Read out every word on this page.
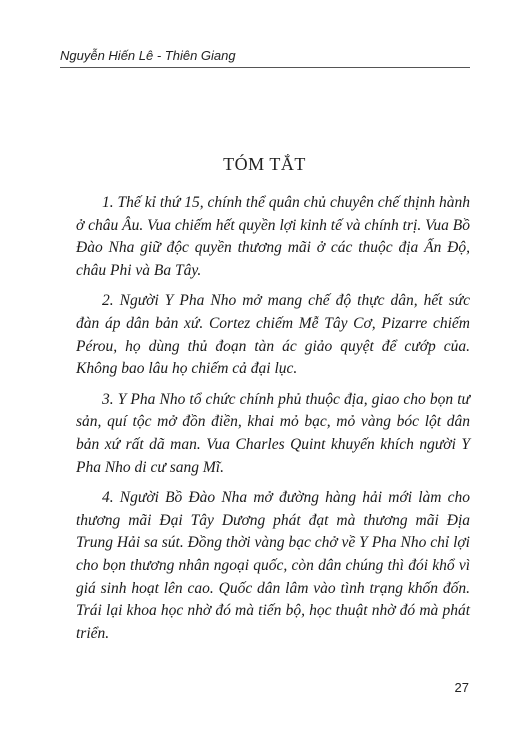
Nguyễn Hiến Lê - Thiên Giang
TÓM TẮT

1. Thế kỉ thứ 15, chính thể quân chủ chuyên chế thịnh hành ở châu Âu. Vua chiếm hết quyền lợi kinh tế và chính trị. Vua Bồ Đào Nha giữ độc quyền thương mãi ở các thuộc địa Ấn Độ, châu Phi và Ba Tây.

2. Người Y Pha Nho mở mang chế độ thực dân, hết sức đàn áp dân bản xứ. Cortez chiếm Mễ Tây Cơ, Pizarre chiếm Pérou, họ dùng thủ đoạn tàn ác giảo quyệt để cướp của. Không bao lâu họ chiếm cả đại lục.

3. Y Pha Nho tổ chức chính phủ thuộc địa, giao cho bọn tư sản, quí tộc mở đồn điền, khai mỏ bạc, mỏ vàng bóc lột dân bản xứ rất dã man. Vua Charles Quint khuyến khích người Y Pha Nho di cư sang Mĩ.

4. Người Bồ Đào Nha mở đường hàng hải mới làm cho thương mãi Đại Tây Dương phát đạt mà thương mãi Địa Trung Hải sa sút. Đồng thời vàng bạc chở về Y Pha Nho chỉ lợi cho bọn thương nhân ngoại quốc, còn dân chúng thì đói khổ vì giá sinh hoạt lên cao. Quốc dân lâm vào tình trạng khốn đốn. Trái lại khoa học nhờ đó mà tiến bộ, học thuật nhờ đó mà phát triển.

27
